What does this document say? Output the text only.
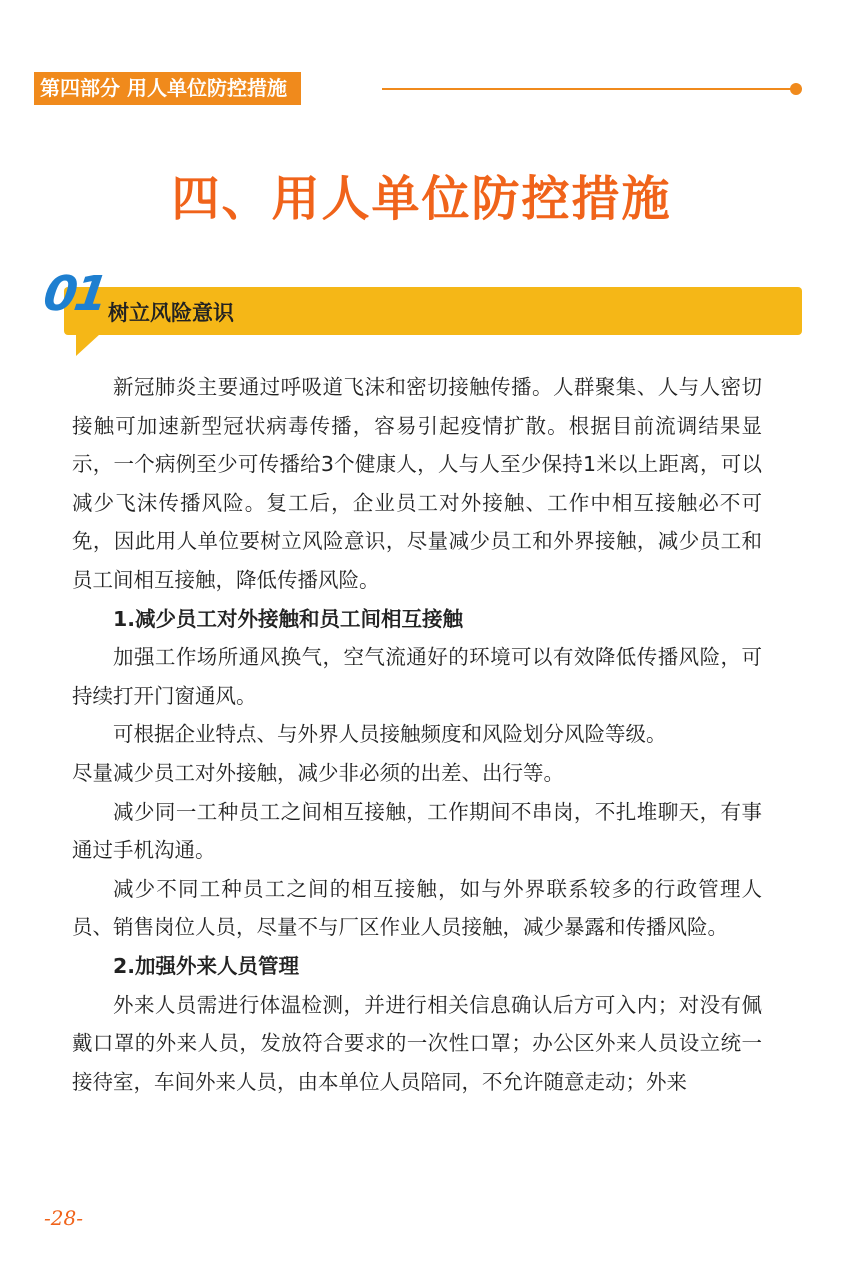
第四部分 用人单位防控措施
四、用人单位防控措施
01 树立风险意识

新冠肺炎主要通过呼吸道飞沫和密切接触传播。人群聚集、人与人密切接触可加速新型冠状病毒传播，容易引起疫情扩散。根据目前流调结果显示，一个病例至少可传播给3个健康人，人与人至少保持1米以上距离，可以减少飞沫传播风险。复工后，企业员工对外接触、工作中相互接触必不可免，因此用人单位要树立风险意识，尽量减少员工和外界接触，减少员工和员工间相互接触，降低传播风险。

1.减少员工对外接触和员工间相互接触

加强工作场所通风换气，空气流通好的环境可以有效降低传播风险，可持续打开门窗通风。

可根据企业特点、与外界人员接触频度和风险划分风险等级。

尽量减少员工对外接触，减少非必须的出差、出行等。

减少同一工种员工之间相互接触，工作期间不串岗，不扎堆聊天，有事通过手机沟通。

减少不同工种员工之间的相互接触，如与外界联系较多的行政管理人员、销售岗位人员，尽量不与厂区作业人员接触，减少暴露和传播风险。

2.加强外来人员管理

外来人员需进行体温检测，并进行相关信息确认后方可入内；对没有佩戴口罩的外来人员，发放符合要求的一次性口罩；办公区外来人员设立统一接待室，车间外来人员，由本单位人员陪同，不允许随意走动；外来

-28-
